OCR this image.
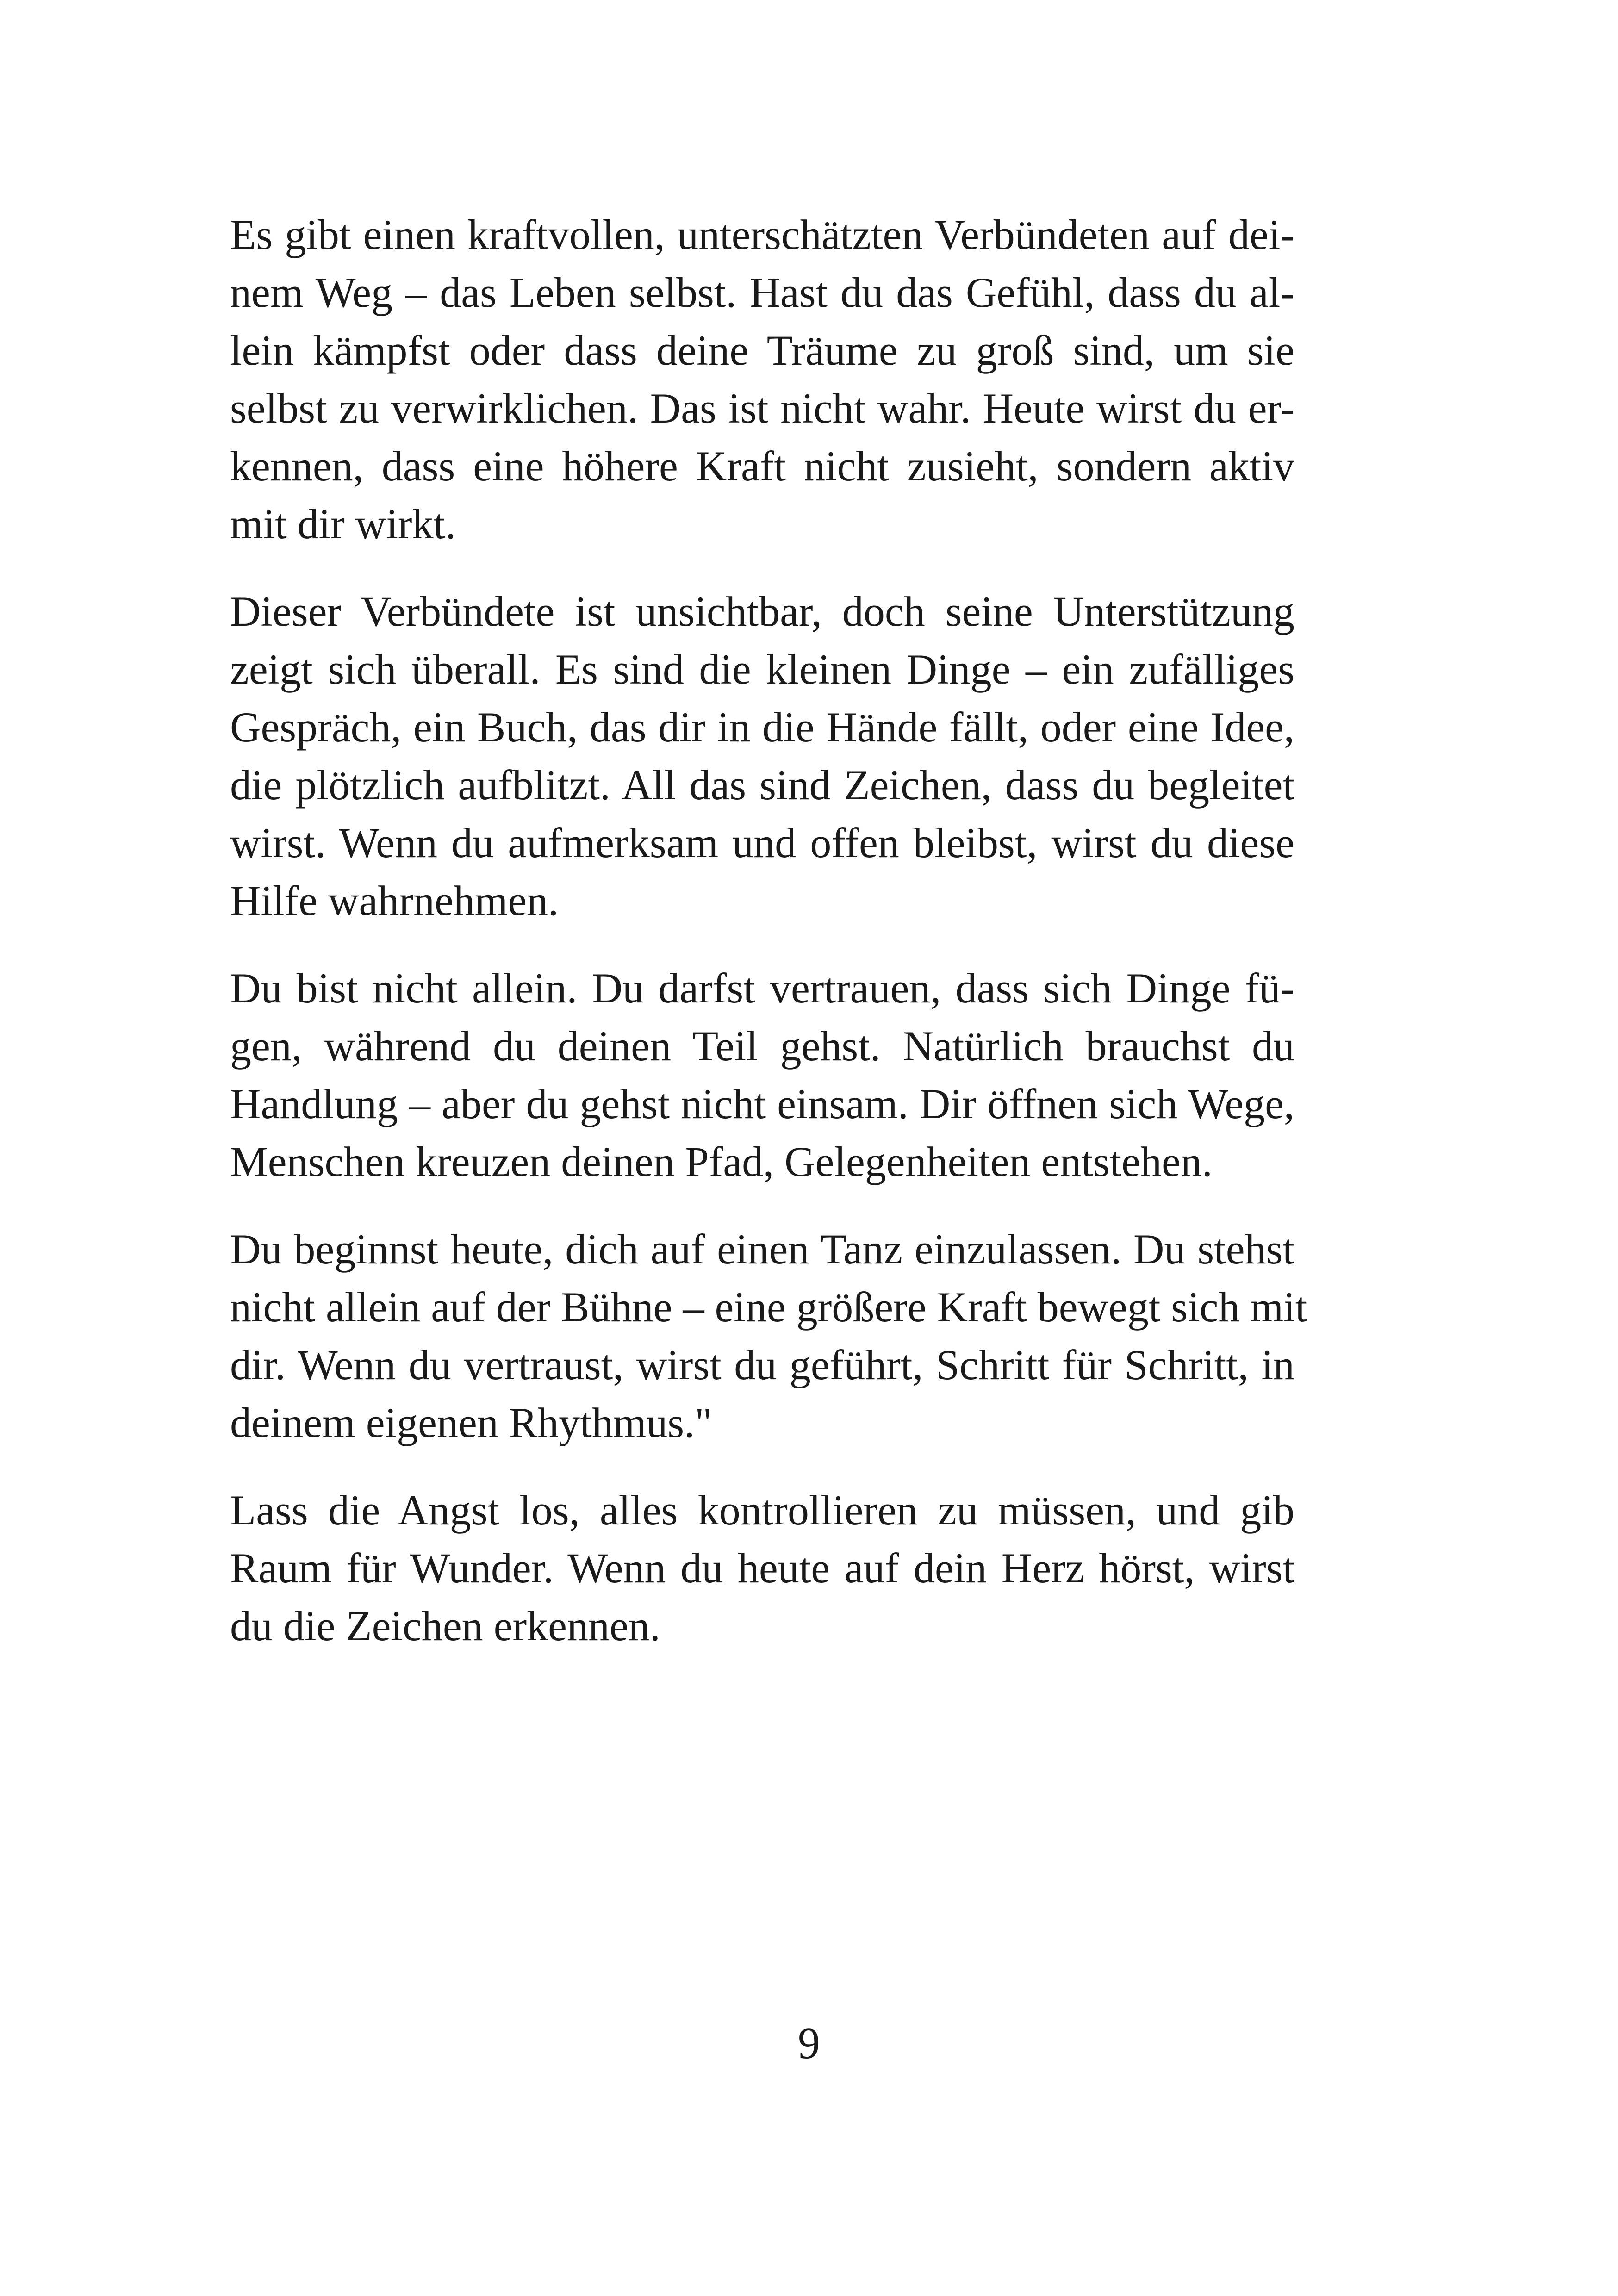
Es gibt einen kraftvollen, unterschätzten Verbündeten auf dei-
nem Weg – das Leben selbst. Hast du das Gefühl, dass du al-
lein kämpfst oder dass deine Träume zu groß sind, um sie
selbst zu verwirklichen. Das ist nicht wahr. Heute wirst du er-
kennen, dass eine höhere Kraft nicht zusieht, sondern aktiv
mit dir wirkt.

Dieser Verbündete ist unsichtbar, doch seine Unterstützung
zeigt sich überall. Es sind die kleinen Dinge – ein zufälliges
Gespräch, ein Buch, das dir in die Hände fällt, oder eine Idee,
die plötzlich aufblitzt. All das sind Zeichen, dass du begleitet
wirst. Wenn du aufmerksam und offen bleibst, wirst du diese
Hilfe wahrnehmen.

Du bist nicht allein. Du darfst vertrauen, dass sich Dinge fü-
gen, während du deinen Teil gehst. Natürlich brauchst du
Handlung – aber du gehst nicht einsam. Dir öffnen sich Wege,
Menschen kreuzen deinen Pfad, Gelegenheiten entstehen.

Du beginnst heute, dich auf einen Tanz einzulassen. Du stehst
nicht allein auf der Bühne – eine größere Kraft bewegt sich mit
dir. Wenn du vertraust, wirst du geführt, Schritt für Schritt, in
deinem eigenen Rhythmus."

Lass die Angst los, alles kontrollieren zu müssen, und gib
Raum für Wunder. Wenn du heute auf dein Herz hörst, wirst
du die Zeichen erkennen.

9
